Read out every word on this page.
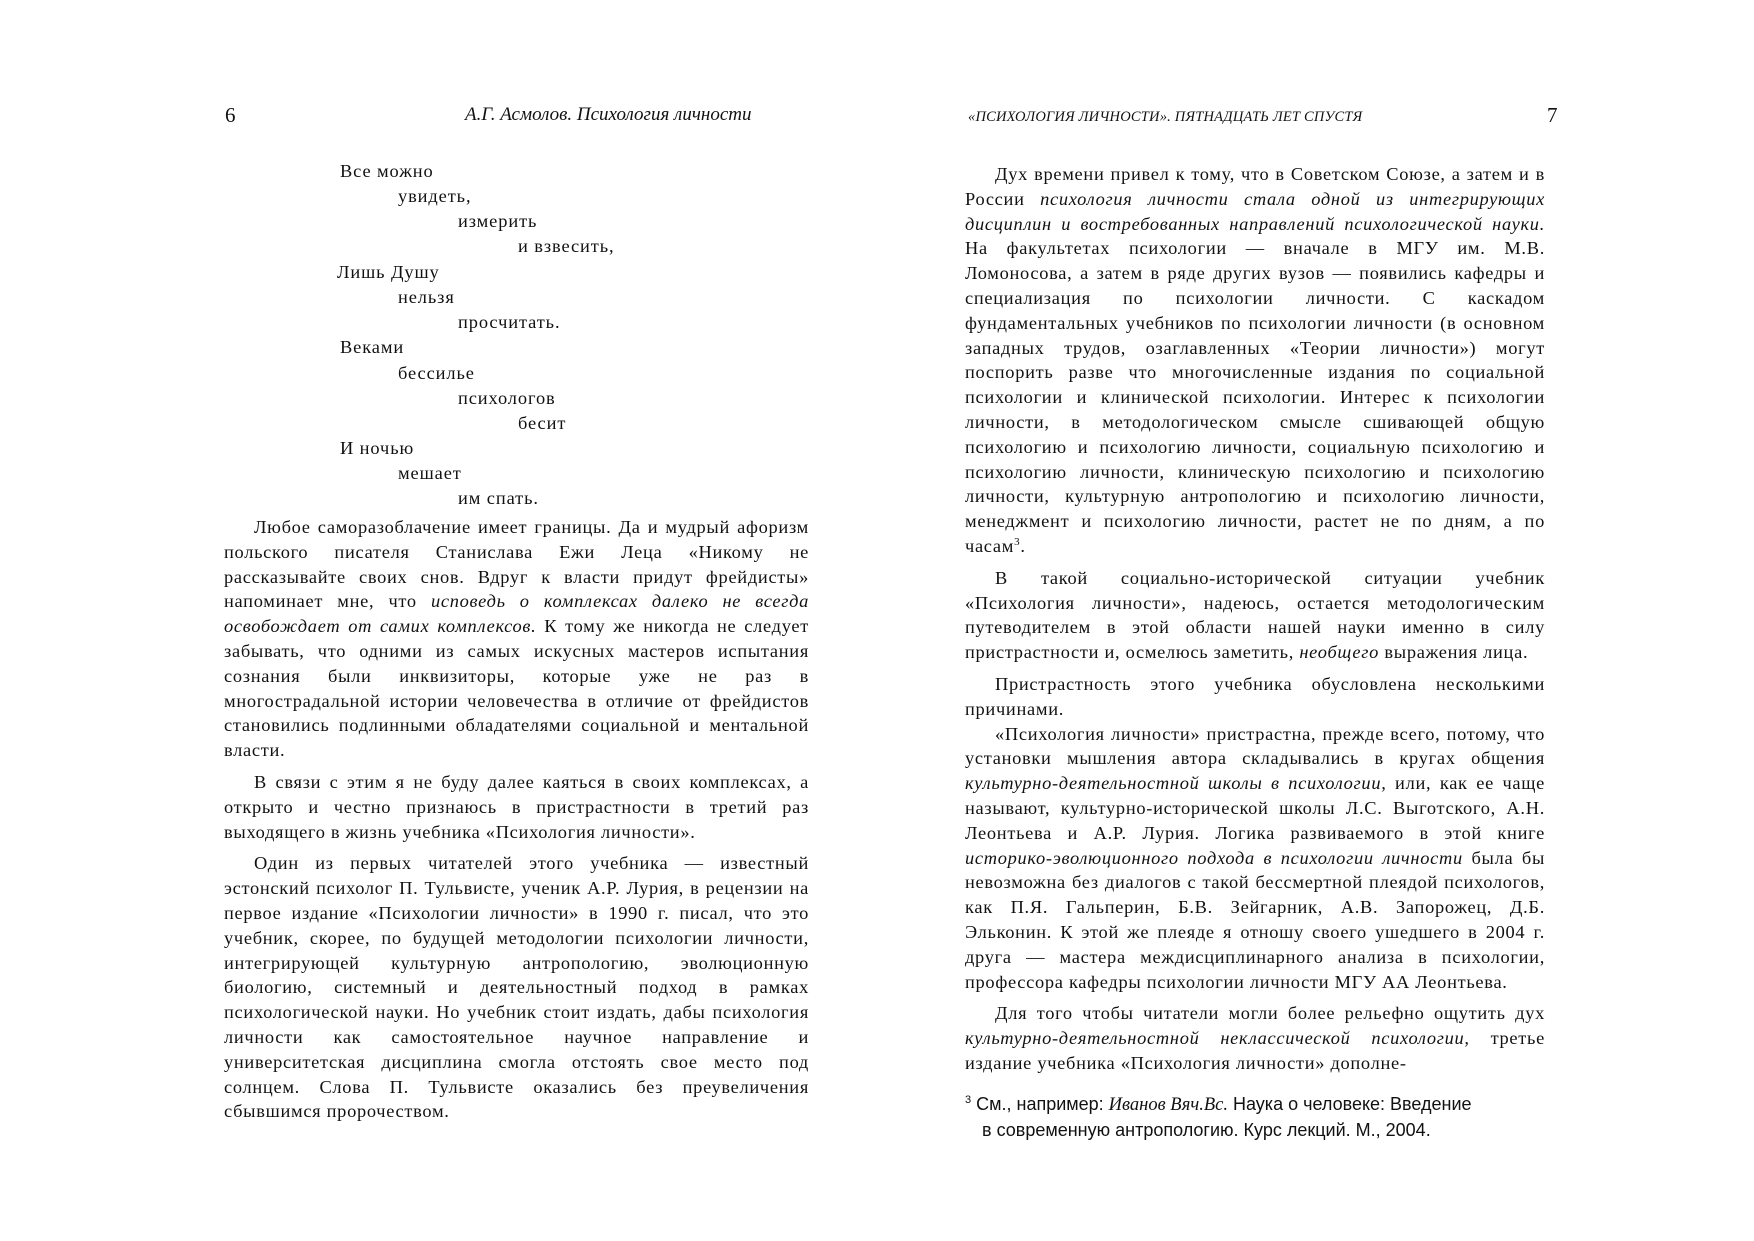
6	А.Г. Асмолов. Психология личности
Все можно
увидеть,
измерить
и взвесить,
Лишь Душу
нельзя
просчитать.
Веками
бессилье
психологов
бесит
И ночью
мешает
им спать.

Любое саморазоблачение имеет границы. Да и мудрый афоризм польского писателя Станислава Ежи Леца «Никому не рассказывайте своих снов. Вдруг к власти придут фрейдисты» напоминает мне, что исповедь о комплексах далеко не всегда освобождает от самих комплексов. К тому же никогда не следует забывать, что одними из самых искусных мастеров испытания сознания были инквизиторы, которые уже не раз в многострадальной истории человечества в отличие от фрейдистов становились подлинными обладателями социальной и ментальной власти.

В связи с этим я не буду далее каяться в своих комплексах, а открыто и честно признаюсь в пристрастности в третий раз выходящего в жизнь учебника «Психология личности».

Один из первых читателей этого учебника — известный эстонский психолог П. Тульвисте, ученик А.Р. Лурия, в рецензии на первое издание «Психологии личности» в 1990 г. писал, что это учебник, скорее, по будущей методологии психологии личности, интегрирующей культурную антропологию, эволюционную биологию, системный и деятельностный подход в рамках психологической науки. Но учебник стоит издать, дабы психология личности как самостоятельное научное направление и университетская дисциплина смогла отстоять свое место под солнцем. Слова П. Тульвисте оказались без преувеличения сбывшимся пророчеством.

«ПСИХОЛОГИЯ ЛИЧНОСТИ». ПЯТНАДЦАТЬ ЛЕТ СПУСТЯ	7

Дух времени привел к тому, что в Советском Союзе, а затем и в России психология личности стала одной из интегрирующих дисциплин и востребованных направлений психологической науки. На факультетах психологии — вначале в МГУ им. М.В. Ломоносова, а затем в ряде других вузов — появились кафедры и специализация по психологии личности. С каскадом фундаментальных учебников по психологии личности (в основном западных трудов, озаглавленных «Теории личности») могут поспорить разве что многочисленные издания по социальной психологии и клинической психологии. Интерес к психологии личности, в методологическом смысле сшивающей общую психологию и психологию личности, социальную психологию и психологию личности, клиническую психологию и психологию личности, культурную антропологию и психологию личности, менеджмент и психологию личности, растет не по дням, а по часам$^3$.

В такой социально-исторической ситуации учебник «Психология личности», надеюсь, остается методологическим путеводителем в этой области нашей науки именно в силу пристрастности и, осмелюсь заметить, необщего выражения лица.

Пристрастность этого учебника обусловлена несколькими причинами.

«Психология личности» пристрастна, прежде всего, потому, что установки мышления автора складывались в кругах общения культурно-деятельностной школы в психологии, или, как ее чаще называют, культурно-исторической школы Л.С. Выготского, А.Н. Леонтьева и А.Р. Лурия. Логика развиваемого в этой книге историко-эволюционного подхода в психологии личности была бы невозможна без диалогов с такой бессмертной плеядой психологов, как П.Я. Гальперин, Б.В. Зейгарник, А.В. Запорожец, Д.Б. Эльконин. К этой же плеяде я отношу своего ушедшего в 2004 г. друга — мастера междисциплинарного анализа в психологии, профессора кафедры психологии личности МГУ АА Леонтьева.

Для того чтобы читатели могли более рельефно ощутить дух культурно-деятельностной неклассической психологии, третье издание учебника «Психология личности» дополне-

$^3$ См., например: Иванов Вяч.Вс. Наука о человеке: Введение
в современную антропологию. Курс лекций. М., 2004.
